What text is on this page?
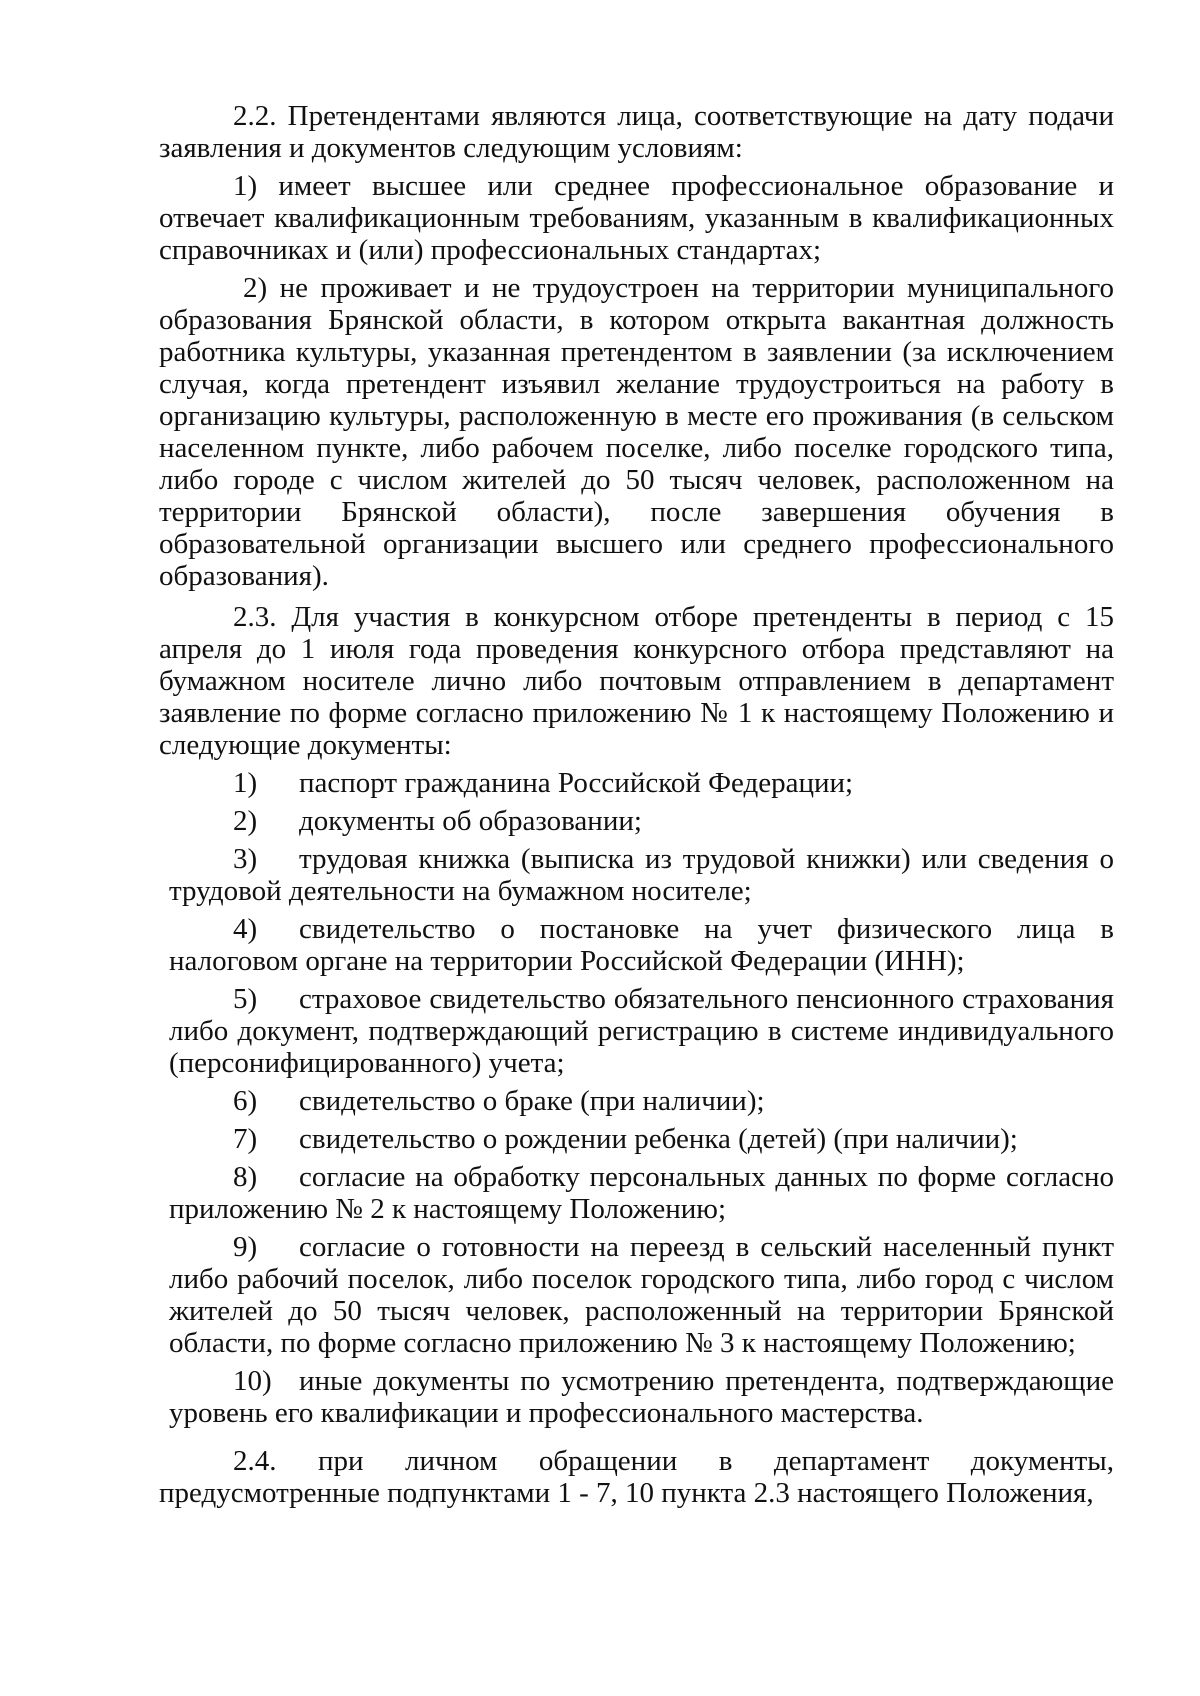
2.2. Претендентами являются лица, соответствующие на дату подачи заявления и документов следующим условиям:

1) имеет высшее или среднее профессиональное образование и отвечает квалификационным требованиям, указанным в квалификационных справочниках и (или) профессиональных стандартах;

2) не проживает и не трудоустроен на территории муниципального образования Брянской области, в котором открыта вакантная должность работника культуры, указанная претендентом в заявлении (за исключением случая, когда претендент изъявил желание трудоустроиться на работу в организацию культуры, расположенную в месте его проживания (в сельском населенном пункте, либо рабочем поселке, либо поселке городского типа, либо городе с числом жителей до 50 тысяч человек, расположенном на территории Брянской области), после завершения обучения в образовательной организации высшего или среднего профессионального образования).

2.3. Для участия в конкурсном отборе претенденты в период с 15 апреля до 1 июля года проведения конкурсного отбора представляют на бумажном носителе лично либо почтовым отправлением в департамент заявление по форме согласно приложению № 1 к настоящему Положению и следующие документы:

1) паспорт гражданина Российской Федерации;

2) документы об образовании;

3) трудовая книжка (выписка из трудовой книжки) или сведения о трудовой деятельности на бумажном носителе;

4) свидетельство о постановке на учет физического лица в налоговом органе на территории Российской Федерации (ИНН);

5) страховое свидетельство обязательного пенсионного страхования либо документ, подтверждающий регистрацию в системе индивидуального (персонифицированного) учета;

6) свидетельство о браке (при наличии);

7) свидетельство о рождении ребенка (детей) (при наличии);

8) согласие на обработку персональных данных по форме согласно приложению № 2 к настоящему Положению;

9) согласие о готовности на переезд в сельский населенный пункт либо рабочий поселок, либо поселок городского типа, либо город с числом жителей до 50 тысяч человек, расположенный на территории Брянской области, по форме согласно приложению № 3 к настоящему Положению;

10) иные документы по усмотрению претендента, подтверждающие уровень его квалификации и профессионального мастерства.

2.4. при личном обращении в департамент документы, предусмотренные подпунктами 1 - 7, 10 пункта 2.3 настоящего Положения,
